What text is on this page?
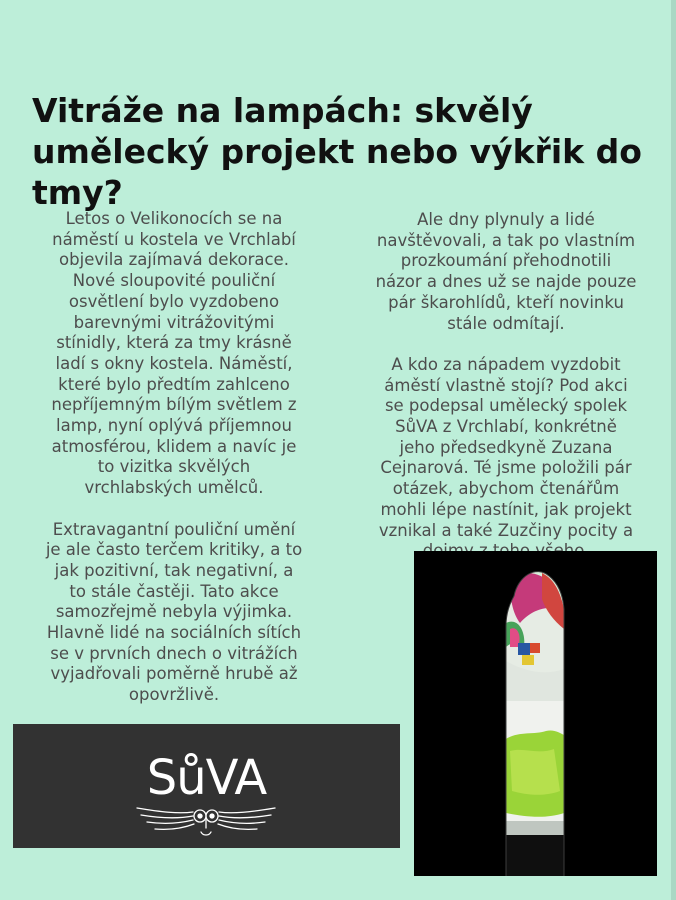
Vitráže na lampách: skvělý umělecký projekt nebo výkřik do tmy?

Letos o Velikonocích se na
náměstí u kostela ve Vrchlabí
objevila zajímavá dekorace.
Nové sloupovité pouliční
osvětlení bylo vyzdobeno
barevnými vitrážovitými
stínidly, která za tmy krásně
ladí s okny kostela. Náměstí,
které bylo předtím zahlceno
nepříjemným bílým světlem z
lamp, nyní oplývá příjemnou
atmosférou, klidem a navíc je
to vizitka skvělých
vrchlabských umělců.

Extravagantní pouliční umění
je ale často terčem kritiky, a to
jak pozitivní, tak negativní, a
to stále častěji. Tato akce
samozřejmě nebyla výjimka.
Hlavně lidé na sociálních sítích
se v prvních dnech o vitrážích
vyjadřovali poměrně hrubě až
opovržlivě.

Ale dny plynuly a lidé
navštěvovali, a tak po vlastním
prozkoumání přehodnotili
názor a dnes už se najde pouze
pár škarohlídů, kteří novinku
stále odmítají.

A kdo za nápadem vyzdobit
áměstí vlastně stojí? Pod akci
se podepsal umělecký spolek
SůVA z Vrchlabí, konkrétně
jeho předsedkyně Zuzana
Cejnarová. Té jsme položili pár
otázek, abychom čtenářům
mohli lépe nastínit, jak projekt
vznikal a také Zuzčiny pocity a

SůVA
